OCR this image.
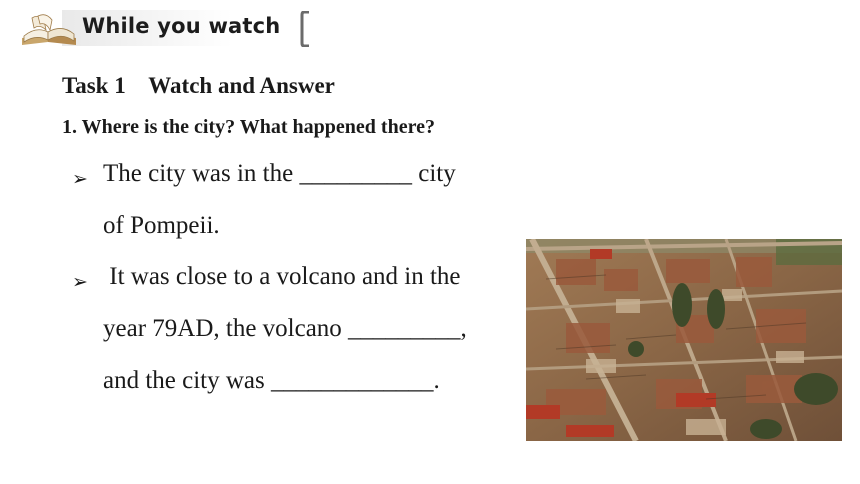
While you watch
Task 1    Watch and Answer
1. Where is the city? What happened there?
➢ The city was in the _________ city
of Pompeii.
➢ It was close to a volcano and in the
year 79AD, the volcano _________,
and the city was _____________.
